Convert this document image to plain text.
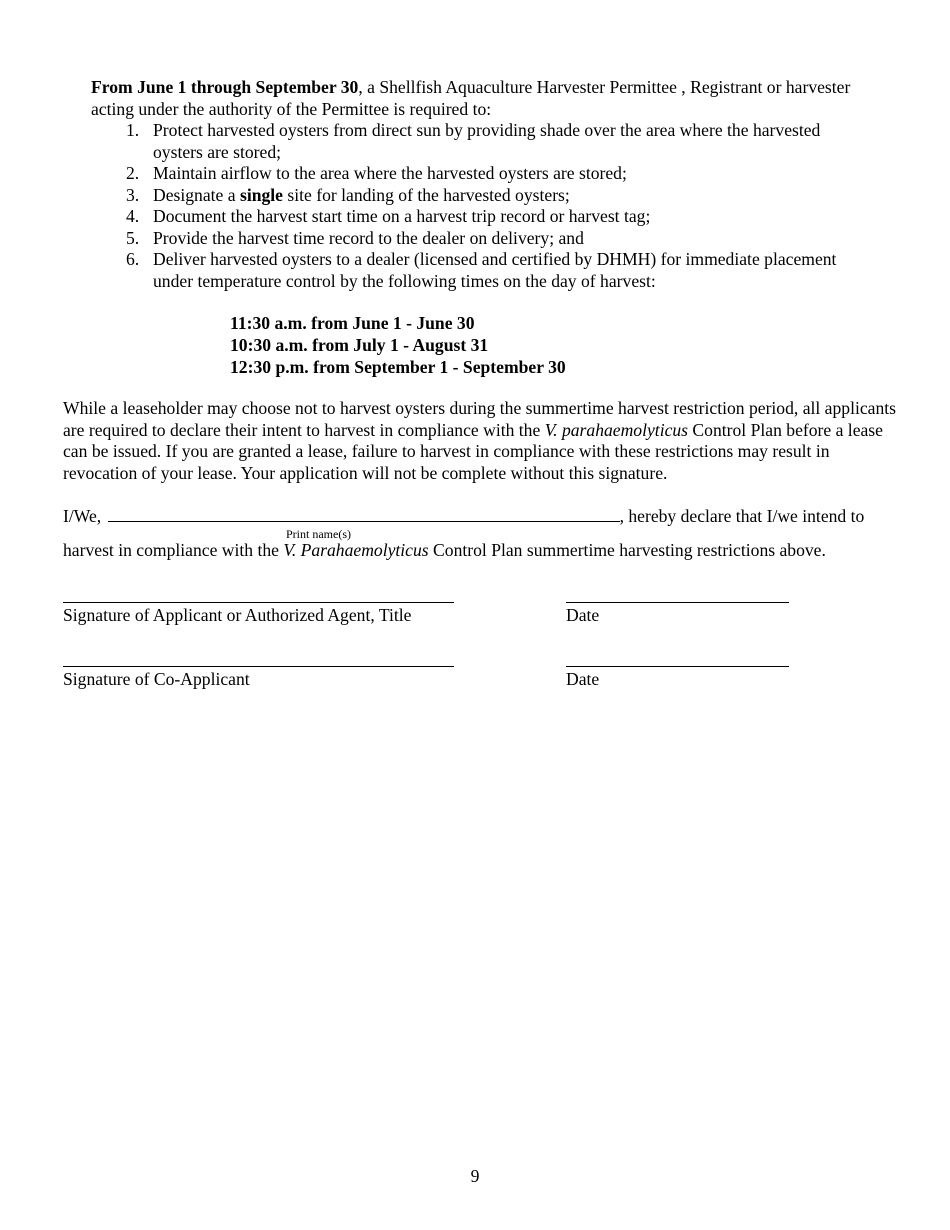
From June 1 through September 30, a Shellfish Aquaculture Harvester Permittee , Registrant or harvester acting under the authority of the Permittee is required to:
1. Protect harvested oysters from direct sun by providing shade over the area where the harvested oysters are stored;
2. Maintain airflow to the area where the harvested oysters are stored;
3. Designate a single site for landing of the harvested oysters;
4. Document the harvest start time on a harvest trip record or harvest tag;
5. Provide the harvest time record to the dealer on delivery; and
6. Deliver harvested oysters to a dealer (licensed and certified by DHMH) for immediate placement under temperature control by the following times on the day of harvest:
11:30 a.m. from June 1 - June 30
10:30 a.m. from July 1 - August 31
12:30 p.m. from September 1 - September 30
While a leaseholder may choose not to harvest oysters during the summertime harvest restriction period, all applicants are required to declare their intent to harvest in compliance with the V. parahaemolyticus Control Plan before a lease can be issued. If you are granted a lease, failure to harvest in compliance with these restrictions may result in revocation of your lease. Your application will not be complete without this signature.
I/We,	, hereby declare that I/we intend to
Print name(s)
harvest in compliance with the V. Parahaemolyticus Control Plan summertime harvesting restrictions above.
Signature of Applicant or Authorized Agent, Title	Date
Signature of Co-Applicant	Date
9
